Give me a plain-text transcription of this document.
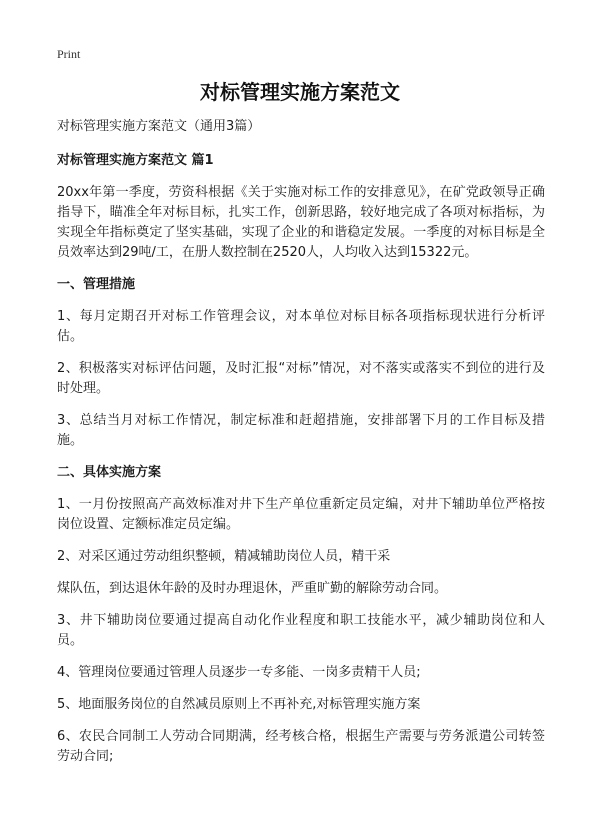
Print
对标管理实施方案范文

对标管理实施方案范文（通用3篇）

对标管理实施方案范文 篇1

20xx年第一季度，劳资科根据《关于实施对标工作的安排意见》，在矿党政领导正确指导下，瞄准全年对标目标，扎实工作，创新思路，较好地完成了各项对标指标，为实现全年指标奠定了坚实基础，实现了企业的和谐稳定发展。一季度的对标目标是全员效率达到29吨/工，在册人数控制在2520人，人均收入达到15322元。

一、管理措施

1、每月定期召开对标工作管理会议，对本单位对标目标各项指标现状进行分析评估。

2、积极落实对标评估问题，及时汇报“对标”情况，对不落实或落实不到位的进行及时处理。

3、总结当月对标工作情况，制定标准和赶超措施，安排部署下月的工作目标及措施。

二、具体实施方案

1、一月份按照高产高效标准对井下生产单位重新定员定编，对井下辅助单位严格按岗位设置、定额标准定员定编。

2、对采区通过劳动组织整顿，精减辅助岗位人员，精干采

煤队伍，到达退休年龄的及时办理退休，严重旷勤的解除劳动合同。

3、井下辅助岗位要通过提高自动化作业程度和职工技能水平，减少辅助岗位和人员。

4、管理岗位要通过管理人员逐步一专多能、一岗多责精干人员;

5、地面服务岗位的自然减员原则上不再补充,对标管理实施方案

6、农民合同制工人劳动合同期满，经考核合格，根据生产需要与劳务派遣公司转签劳动合同;
